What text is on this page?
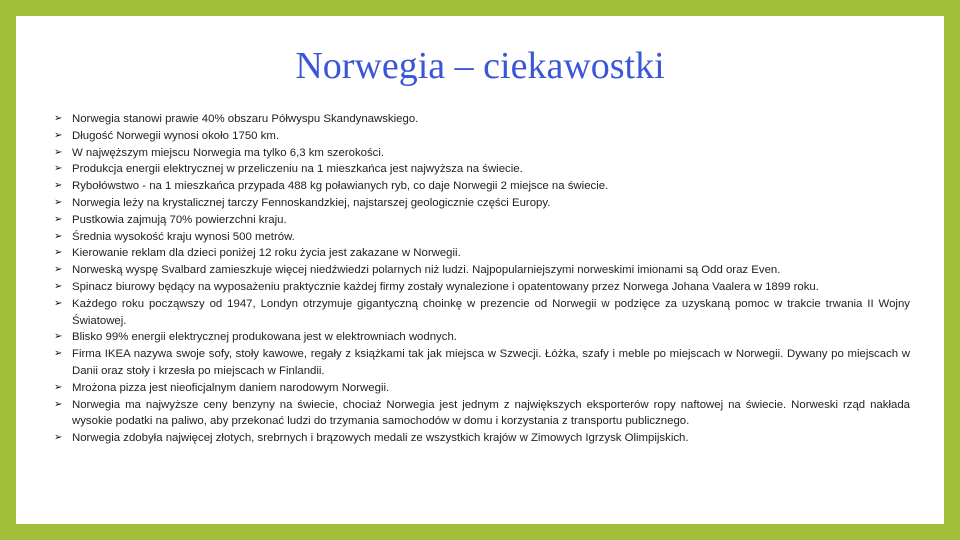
Norwegia – ciekawostki
➢ Norwegia stanowi prawie 40% obszaru Półwyspu Skandynawskiego.
➢ Długość Norwegii wynosi około 1750 km.
➢ W najwęższym miejscu Norwegia ma tylko 6,3 km szerokości.
➢ Produkcja energii elektrycznej w przeliczeniu na 1 mieszkańca jest najwyższa na świecie.
➢ Rybołówstwo - na 1 mieszkańca przypada 488 kg poławianych ryb, co daje Norwegii 2 miejsce na świecie.
➢ Norwegia leży na krystalicznej tarczy Fennoskandzkiej, najstarszej geologicznie części Europy.
➢ Pustkowia zajmują 70% powierzchni kraju.
➢ Średnia wysokość kraju wynosi 500 metrów.
➢ Kierowanie reklam dla dzieci poniżej 12 roku życia jest zakazane w Norwegii.
➢ Norweską wyspę Svalbard zamieszkuje więcej niedźwiedzi polarnych niż ludzi. Najpopularniejszymi norweskimi imionami są Odd oraz Even.
➢ Spinacz biurowy będący na wyposażeniu praktycznie każdej firmy zostały wynalezione i opatentowany przez Norwega Johana Vaalera w 1899 roku.
➢ Każdego roku począwszy od 1947, Londyn otrzymuje gigantyczną choinkę w prezencie od Norwegii w podzięce za uzyskaną pomoc w trakcie trwania II Wojny Światowej.
➢ Blisko 99% energii elektrycznej produkowana jest w elektrowniach wodnych.
➢ Firma IKEA nazywa swoje sofy, stoły kawowe, regały z książkami tak jak miejsca w Szwecji. Łóżka, szafy i meble po miejscach w Norwegii. Dywany po miejscach w Danii oraz stoły i krzesła po miejscach w Finlandii.
➢ Mrożona pizza jest nieoficjalnym daniem narodowym Norwegii.
➢ Norwegia ma najwyższe ceny benzyny na świecie, chociaż Norwegia jest jednym z największych eksporterów ropy naftowej na świecie. Norweski rząd nakłada wysokie podatki na paliwo, aby przekonać ludzi do trzymania samochodów w domu i korzystania z transportu publicznego.
➢ Norwegia zdobyła najwięcej złotych, srebrnych i brązowych medali ze wszystkich krajów w Zimowych Igrzysk Olimpijskich.
